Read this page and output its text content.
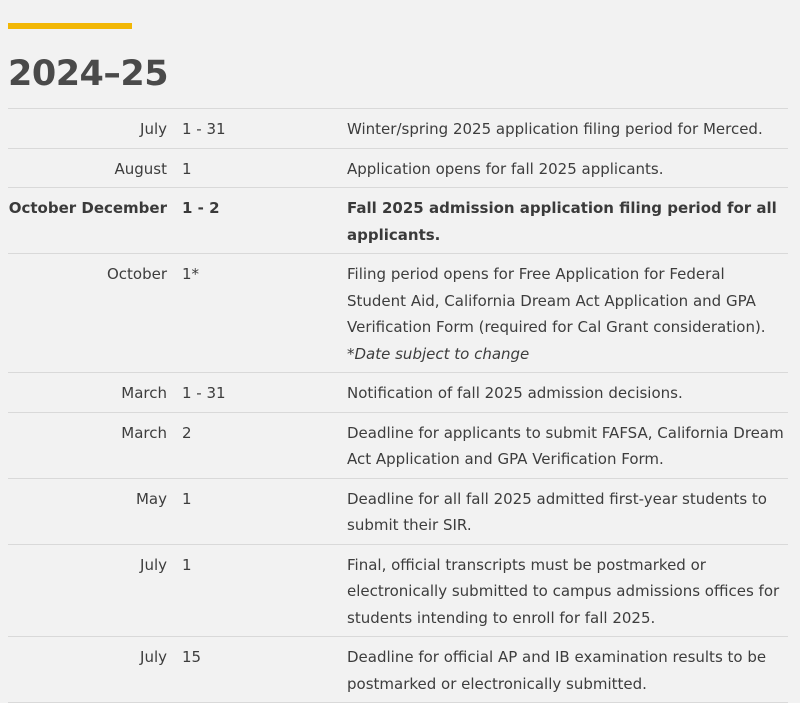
2024–25
July	1 - 31	Winter/spring 2025 application filing period for Merced.
August	1	Application opens for fall 2025 applicants.
October December	1 - 2	Fall 2025 admission application filing period for all applicants.
October	1*	Filing period opens for Free Application for Federal Student Aid, California Dream Act Application and GPA Verification Form (required for Cal Grant consideration).
*Date subject to change

March	1 - 31	Notification of fall 2025 admission decisions.
March	2	Deadline for applicants to submit FAFSA, California Dream Act Application and GPA Verification Form.
May	1	Deadline for all fall 2025 admitted first-year students to submit their SIR.
July	1	Final, official transcripts must be postmarked or electronically submitted to campus admissions offices for students intending to enroll for fall 2025.
July	15	Deadline for official AP and IB examination results to be postmarked or electronically submitted.
